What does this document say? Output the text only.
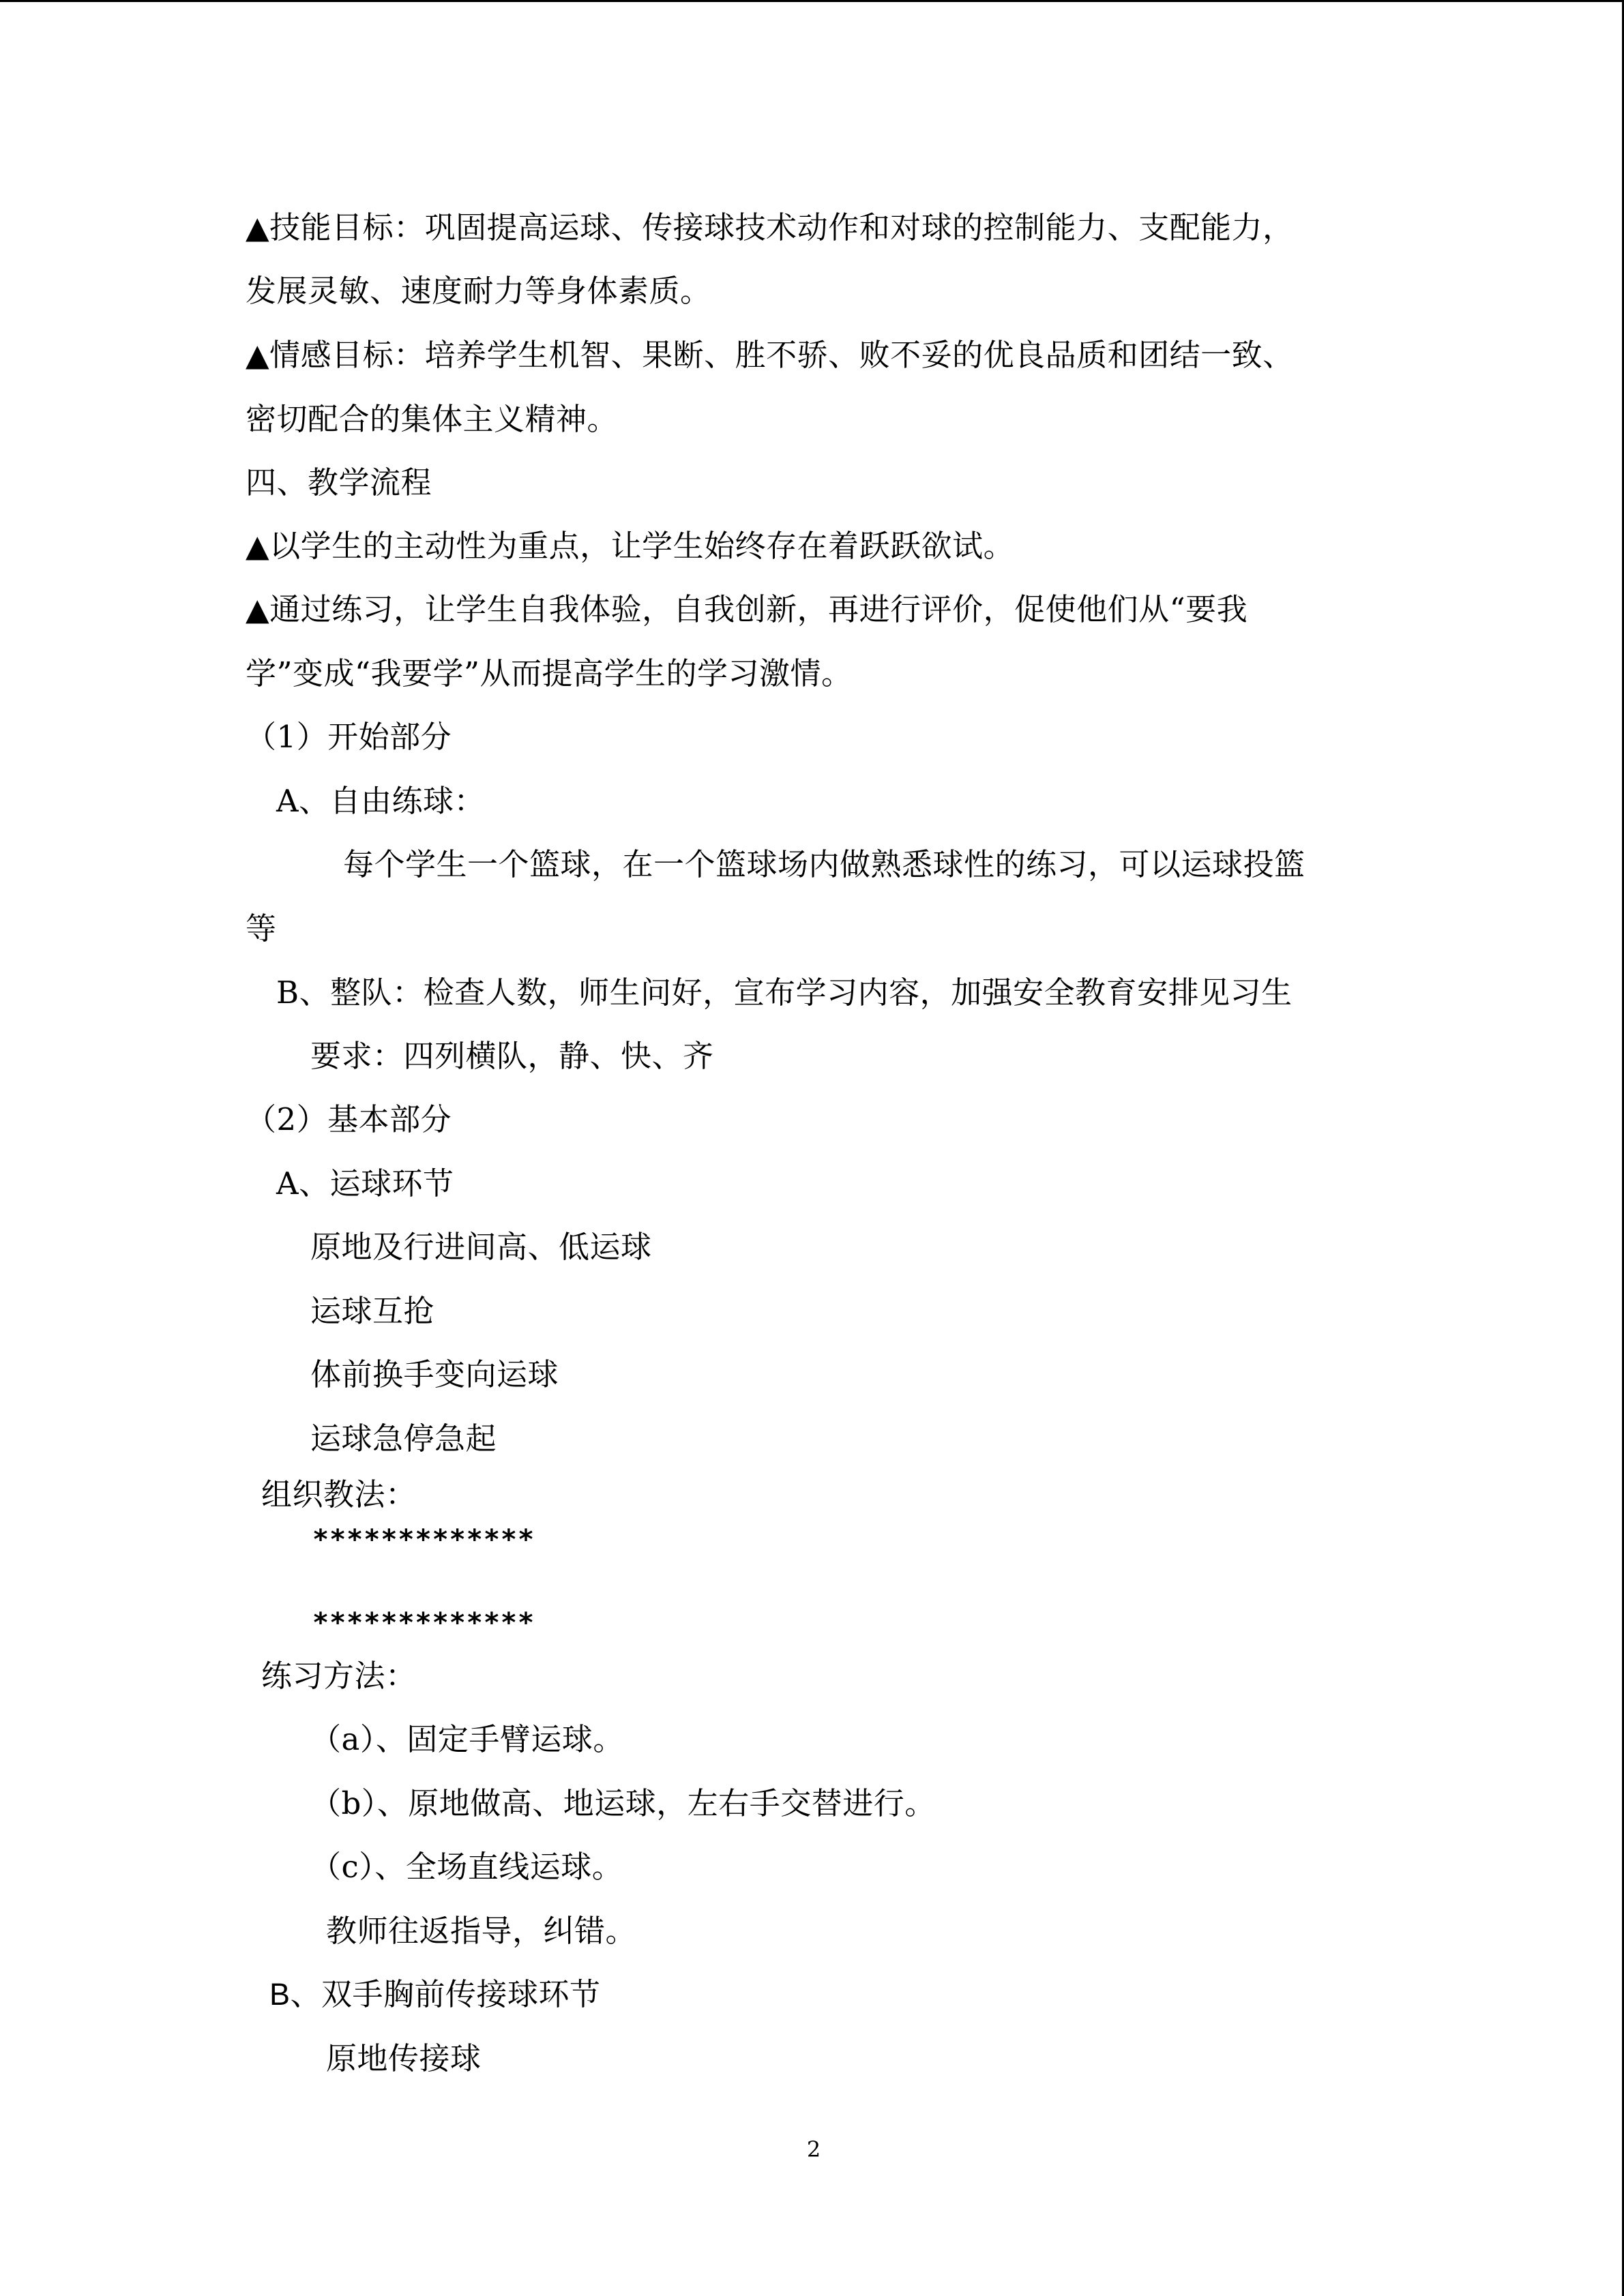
▲技能目标：巩固提高运球、传接球技术动作和对球的控制能力、支配能力，
发展灵敏、速度耐力等身体素质。
▲情感目标：培养学生机智、果断、胜不骄、败不妥的优良品质和团结一致、
密切配合的集体主义精神。
四、教学流程
▲以学生的主动性为重点，让学生始终存在着跃跃欲试。
▲通过练习，让学生自我体验，自我创新，再进行评价，促使他们从“要我
学”变成“我要学”从而提高学生的学习激情。
（1）开始部分
A、自由练球：
每个学生一个篮球，在一个篮球场内做熟悉球性的练习，可以运球投篮
等
B、整队：检查人数，师生问好，宣布学习内容，加强安全教育安排见习生
要求：四列横队，静、快、齐
（2）基本部分
A、运球环节
原地及行进间高、低运球
运球互抢
体前换手变向运球
运球急停急起
组织教法：
*************
*************
练习方法：
（a）、固定手臂运球。
（b）、原地做高、地运球，左右手交替进行。
（c）、全场直线运球。
教师往返指导，纠错。
B、双手胸前传接球环节
原地传接球
2
